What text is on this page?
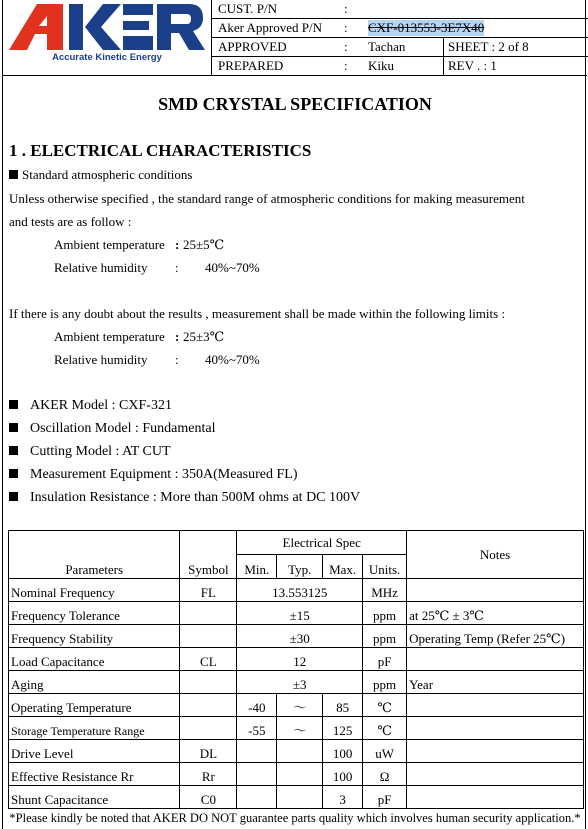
Accurate Kinetic Energy
CUST. P/N	:
Aker Approved P/N : CXF-013553-3E7X40
APPROVED	: Tachan	SHEET : 2 of 8
PREPARED	: Kiku	REV . : 1
SMD CRYSTAL SPECIFICATION
1 . ELECTRICAL CHARACTERISTICS
Standard atmospheric conditions
Unless otherwise specified , the standard range of atmospheric conditions for making measurement
and tests are as follow :
Ambient temperature : 25±5℃
Relative humidity : 40%~70%
If there is any doubt about the results , measurement shall be made within the following limits :
Ambient temperature : 25±3℃
Relative humidity : 40%~70%
AKER Model : CXF-321
Oscillation Model : Fundamental
Cutting Model : AT CUT
Measurement Equipment : 350A(Measured FL)
Insulation Resistance : More than 500M ohms at DC 100V
Parameters	Symbol	Electrical Spec				Notes
		Min.	Typ.	Max.	Units.	
Nominal Frequency	FL	13.553125			MHz	
Frequency Tolerance		±15			ppm	at 25℃ ± 3℃
Frequency Stability		±30			ppm	Operating Temp (Refer 25℃)
Load Capacitance	CL	12			pF	
Aging		±3			ppm	Year
Operating Temperature		-40	～	85	℃	
Storage Temperature Range		-55	～	125	℃	
Drive Level	DL			100	uW	
Effective Resistance Rr	Rr			100	Ω	
Shunt Capacitance	C0			3	pF	
*Please kindly be noted that AKER DO NOT guarantee parts quality which involves human security application.*
